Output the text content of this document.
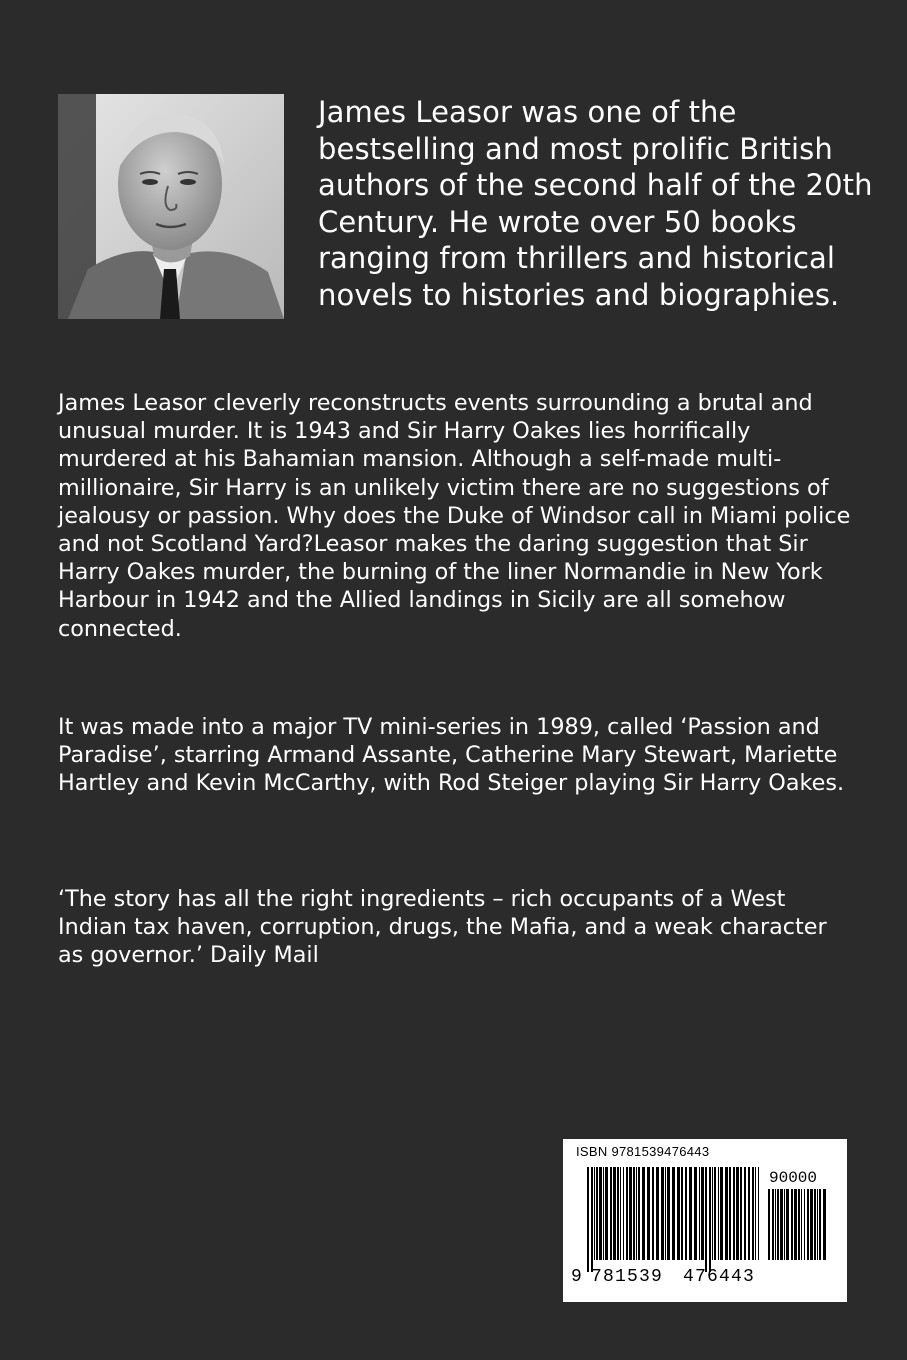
James Leasor was one of the bestselling and most prolific British authors of the second half of the 20th Century. He wrote over 50 books ranging from thrillers and historical novels to histories and biographies.

James Leasor cleverly reconstructs events surrounding a brutal and unusual murder. It is 1943 and Sir Harry Oakes lies horrifically murdered at his Bahamian mansion. Although a self-made multi-millionaire, Sir Harry is an unlikely victim there are no suggestions of jealousy or passion. Why does the Duke of Windsor call in Miami police and not Scotland Yard?Leasor makes the daring suggestion that Sir Harry Oakes murder, the burning of the liner Normandie in New York Harbour in 1942 and the Allied landings in Sicily are all somehow connected.

It was made into a major TV mini-series in 1989, called ‘Passion and Paradise’, starring Armand Assante, Catherine Mary Stewart, Mariette Hartley and Kevin McCarthy, with Rod Steiger playing Sir Harry Oakes.

‘The story has all the right ingredients – rich occupants of a West Indian tax haven, corruption, drugs, the Mafia, and a weak character as governor.’ Daily Mail

ISBN 9781539476443
90000
9 781539 476443
